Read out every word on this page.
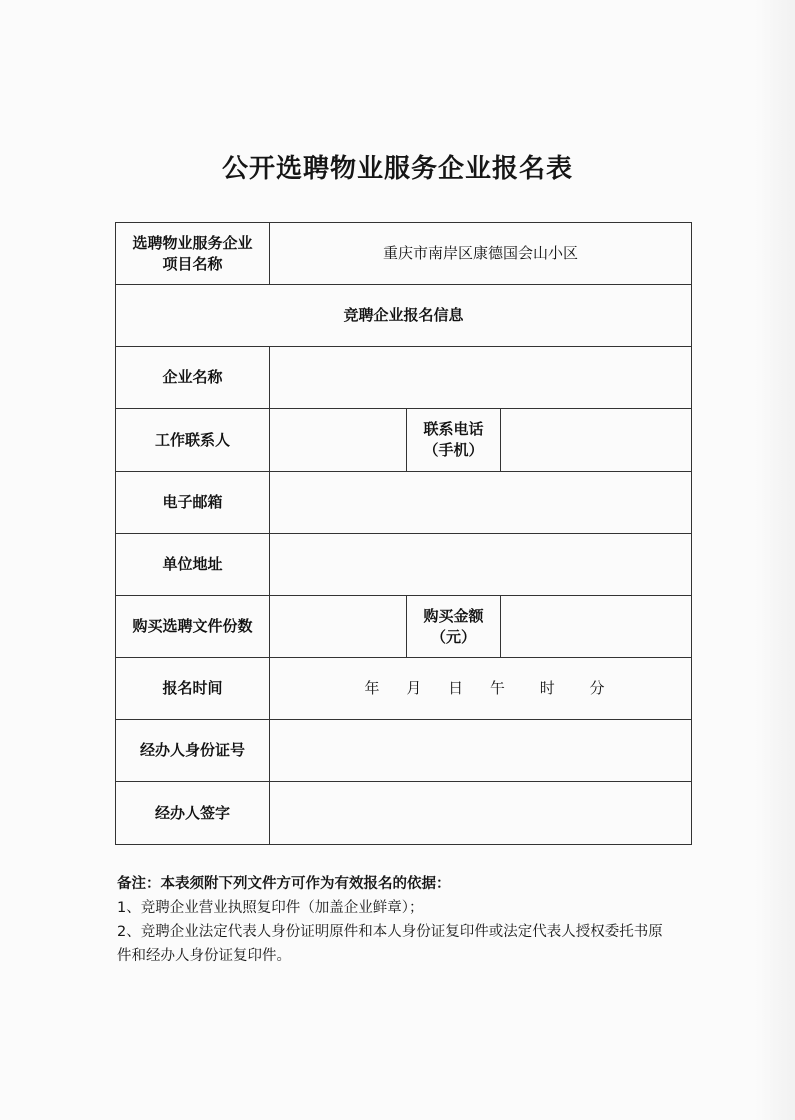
公开选聘物业服务企业报名表
选聘物业服务企业
项目名称	重庆市南岸区康德国会山小区		
竞聘企业报名信息			
企业名称			
工作联系人		联系电话
（手机）	

电子邮箱			
单位地址			
购买选聘文件份数		购买金额
（元）	

报名时间	年 月 日 午 时 分		
经办人身份证号			
经办人签字			

备注：本表须附下列文件方可作为有效报名的依据：

1、竞聘企业营业执照复印件（加盖企业鲜章）；

2、竞聘企业法定代表人身份证明原件和本人身份证复印件或法定代表人授权委托书原

件和经办人身份证复印件。
